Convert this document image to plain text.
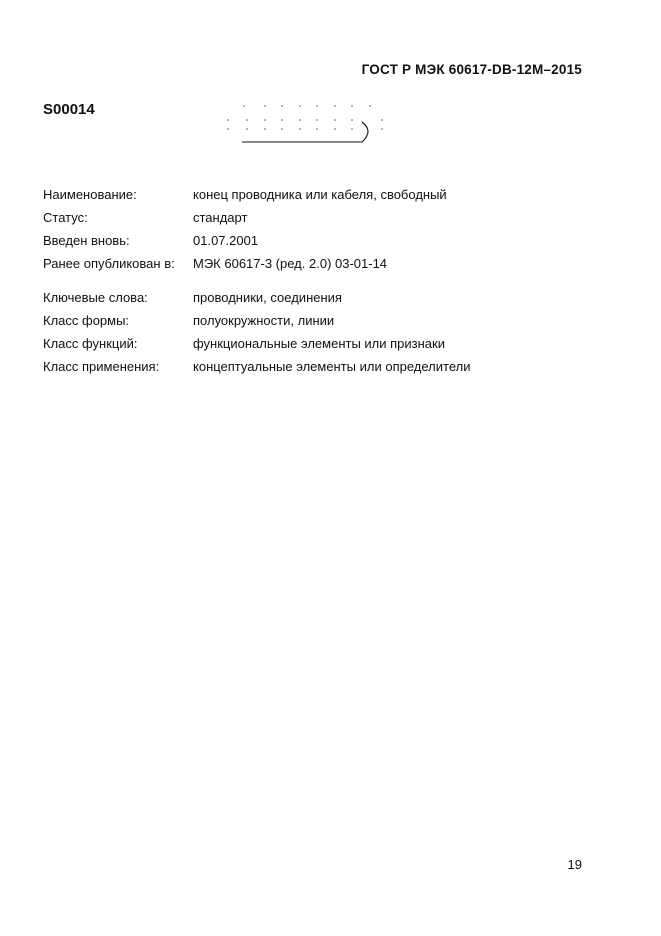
ГОСТ Р МЭК 60617-DB-12M–2015
S00014
Наименование:	конец проводника или кабеля, свободный
Статус:	стандарт
Введен вновь:	01.07.2001
Ранее опубликован в: МЭК 60617-3 (ред. 2.0) 03-01-14
Ключевые слова:	проводники, соединения
Класс формы:	полуокружности, линии
Класс функций:	функциональные элементы или признаки
Класс применения:	концептуальные элементы или определители
19
